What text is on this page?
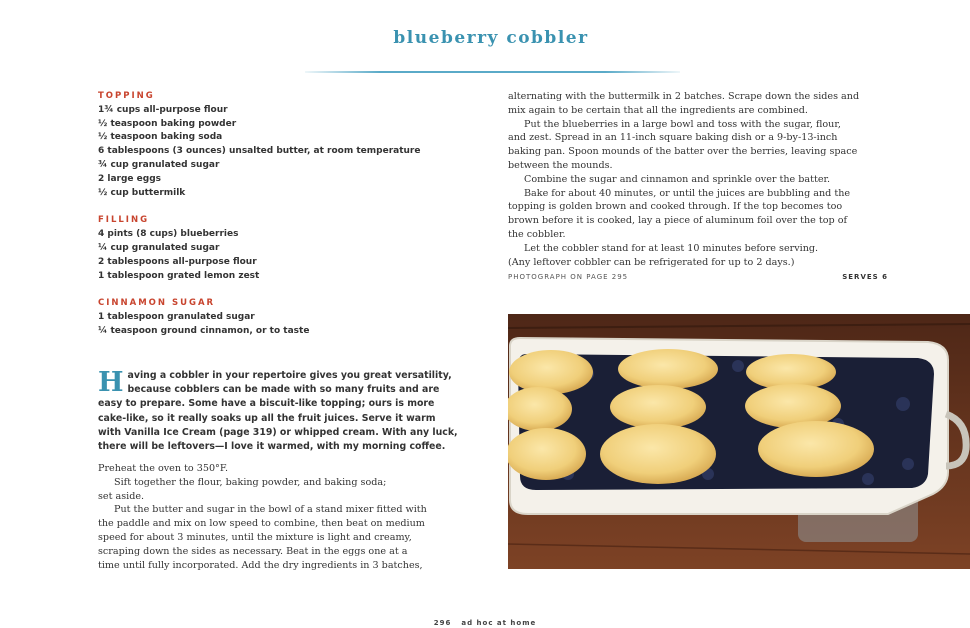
blueberry cobbler

TOPPING

1¾ cups all-purpose flour

½ teaspoon baking powder

½ teaspoon baking soda

6 tablespoons (3 ounces) unsalted butter, at room temperature

¾ cup granulated sugar

2 large eggs

½ cup buttermilk

FILLING

4 pints (8 cups) blueberries

¼ cup granulated sugar

2 tablespoons all-purpose flour

1 tablespoon grated lemon zest

CINNAMON SUGAR

1 tablespoon granulated sugar

¼ teaspoon ground cinnamon, or to taste

H aving a cobbler in your repertoire gives you great versatility,

because cobblers can be made with so many fruits and are

easy to prepare. Some have a biscuit-like topping; ours is more

cake-like, so it really soaks up all the fruit juices. Serve it warm

with Vanilla Ice Cream (page 319) or whipped cream. With any luck,

there will be leftovers—I love it warmed, with my morning coffee.

Preheat the oven to 350°F.

Sift together the flour, baking powder, and baking soda;

set aside.

Put the butter and sugar in the bowl of a stand mixer fitted with

the paddle and mix on low speed to combine, then beat on medium

speed for about 3 minutes, until the mixture is light and creamy,

scraping down the sides as necessary. Beat in the eggs one at a

time until fully incorporated. Add the dry ingredients in 3 batches,

alternating with the buttermilk in 2 batches. Scrape down the sides and

mix again to be certain that all the ingredients are combined.

Put the blueberries in a large bowl and toss with the sugar, flour,

and zest. Spread in an 11-inch square baking dish or a 9-by-13-inch

baking pan. Spoon mounds of the batter over the berries, leaving space

between the mounds.

Combine the sugar and cinnamon and sprinkle over the batter.

Bake for about 40 minutes, or until the juices are bubbling and the

topping is golden brown and cooked through. If the top becomes too

brown before it is cooked, lay a piece of aluminum foil over the top of

the cobbler.

Let the cobbler stand for at least 10 minutes before serving.

(Any leftover cobbler can be refrigerated for up to 2 days.)

PHOTOGRAPH ON PAGE 295	SERVES 6
296 ad hoc at home
